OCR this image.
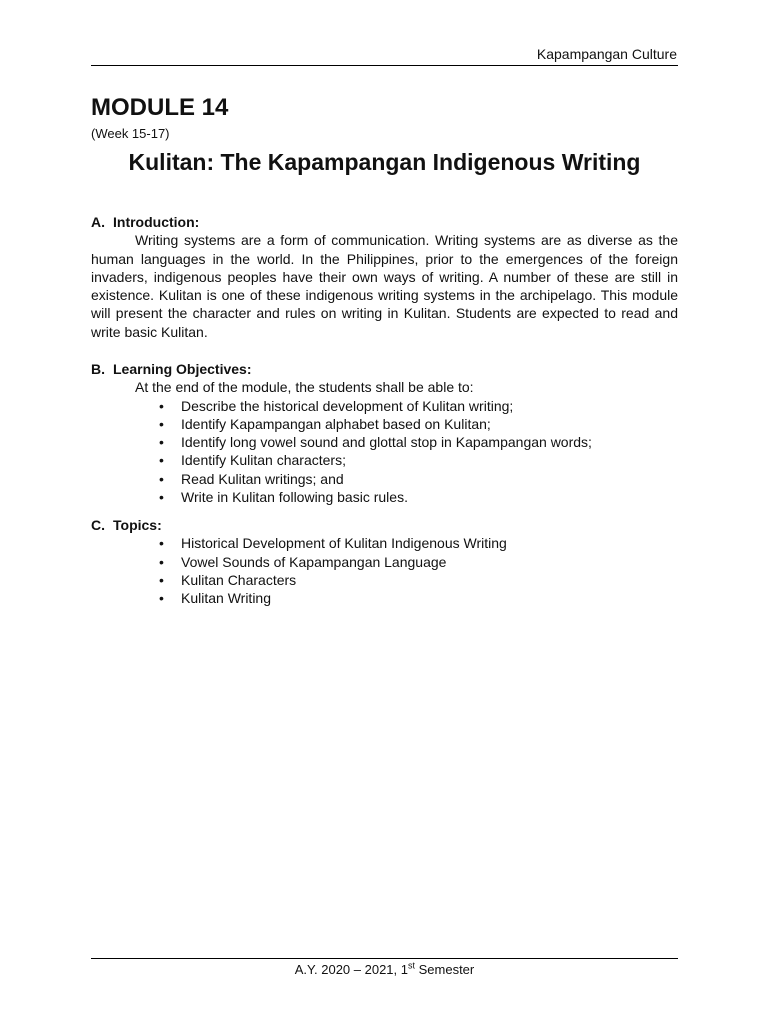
Kapampangan Culture
MODULE 14
(Week 15-17)
Kulitan: The Kapampangan Indigenous Writing
A. Introduction:

Writing systems are a form of communication. Writing systems are as diverse as the human languages in the world. In the Philippines, prior to the emergences of the foreign invaders, indigenous peoples have their own ways of writing. A number of these are still in existence. Kulitan is one of these indigenous writing systems in the archipelago. This module will present the character and rules on writing in Kulitan. Students are expected to read and write basic Kulitan.

B. Learning Objectives:

At the end of the module, the students shall be able to:

• Describe the historical development of Kulitan writing;
• Identify Kapampangan alphabet based on Kulitan;
• Identify long vowel sound and glottal stop in Kapampangan words;
• Identify Kulitan characters;
• Read Kulitan writings; and
• Write in Kulitan following basic rules.
C. Topics:
• Historical Development of Kulitan Indigenous Writing
• Vowel Sounds of Kapampangan Language
• Kulitan Characters
• Kulitan Writing
A.Y. 2020 – 2021, 1st Semester
